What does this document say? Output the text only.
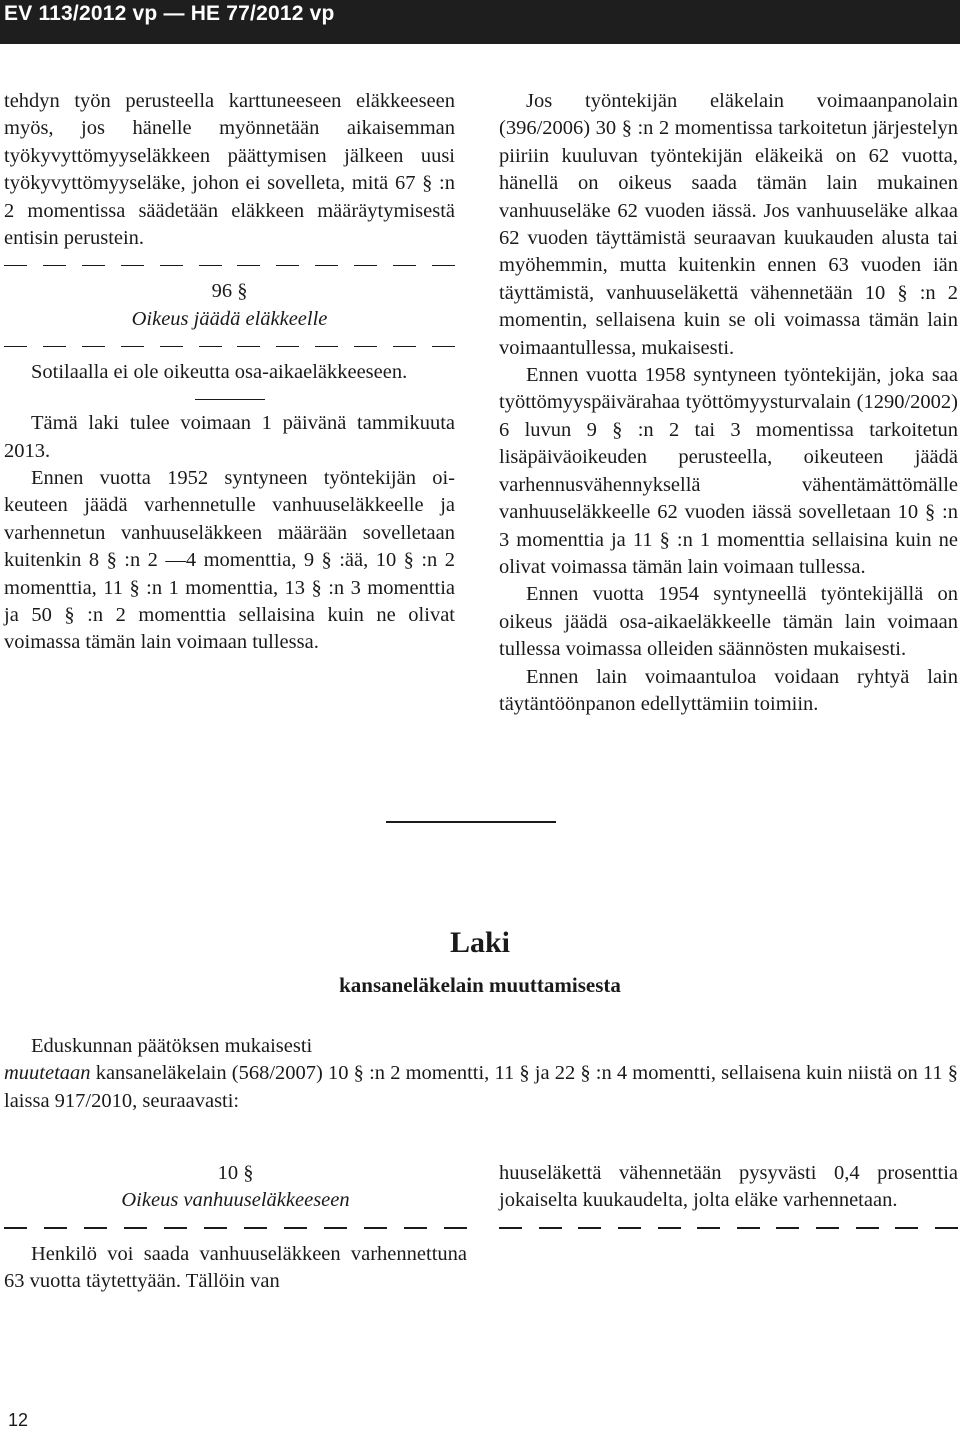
EV 113/2012 vp — HE 77/2012 vp

tehdyn työn perusteella karttuneeseen eläkkeeseen myös, jos hänelle myönnetään aikaisemman työkyvyttömyyseläkkeen päättymisen jälkeen uusi työkyvyttömyyseläke, johon ei sovelleta, mitä 67 § :n 2 momentissa säädetään eläkkeen määräytymisestä entisin perustein.

96 §

Oikeus jäädä eläkkeelle

Sotilaalla ei ole oikeutta osa-aikaeläkkeeseen.

Tämä laki tulee voimaan 1 päivänä tammikuuta 2013.

Ennen vuotta 1952 syntyneen työntekijän oikeuteen jäädä varhennetulle vanhuuseläkkeelle ja varhennetun vanhuuseläkkeen määrään sovelletaan kuitenkin 8 § :n 2 —4 momenttia, 9 § :ää, 10 § :n 2 momenttia, 11 § :n 1 momenttia, 13 § :n 3 momenttia ja 50 § :n 2 momenttia sellaisina kuin ne olivat voimassa tämän lain voimaan tullessa.

Jos työntekijän eläkelain voimaanpanolain (396/2006) 30 § :n 2 momentissa tarkoitetun järjestelyn piiriin kuuluvan työntekijän eläkeikä on 62 vuotta, hänellä on oikeus saada tämän lain mukainen vanhuuseläke 62 vuoden iässä. Jos vanhuuseläke alkaa 62 vuoden täyttämistä seuraavan kuukauden alusta tai myöhemmin, mutta kuitenkin ennen 63 vuoden iän täyttämistä, vanhuuseläkettä vähennetään 10 § :n 2 momentin, sellaisena kuin se oli voimassa tämän lain voimaantullessa, mukaisesti.

Ennen vuotta 1958 syntyneen työntekijän, joka saa työttömyyspäivärahaa työttömyysturvalain (1290/2002) 6 luvun 9 § :n 2 tai 3 momentissa tarkoitetun lisäpäiväoikeuden perusteella, oikeuteen jäädä varhennusvähennyksellä vähentämättömälle vanhuuseläkkeelle 62 vuoden iässä sovelletaan 10 § :n 3 momenttia ja 11 § :n 1 momenttia sellaisina kuin ne olivat voimassa tämän lain voimaan tullessa.

Ennen vuotta 1954 syntyneellä työntekijällä on oikeus jäädä osa-aikaeläkkeelle tämän lain voimaan tullessa voimassa olleiden säännösten mukaisesti.

Ennen lain voimaantuloa voidaan ryhtyä lain täytäntöönpanon edellyttämiin toimiin.

Laki
kansaneläkelain muuttamisesta

Eduskunnan päätöksen mukaisesti

muutetaan kansaneläkelain (568/2007) 10 § :n 2 momentti, 11 § ja 22 § :n 4 momentti, sellaisena kuin niistä on 11 § laissa 917/2010, seuraavasti:

10 §

Oikeus vanhuuseläkkeeseen

Henkilö voi saada vanhuuseläkkeen varhennettuna 63 vuotta täytettyään. Tällöin van

huuseläkettä vähennetään pysyvästi 0,4 prosenttia jokaiselta kuukaudelta, jolta eläke varhennetaan.

12
